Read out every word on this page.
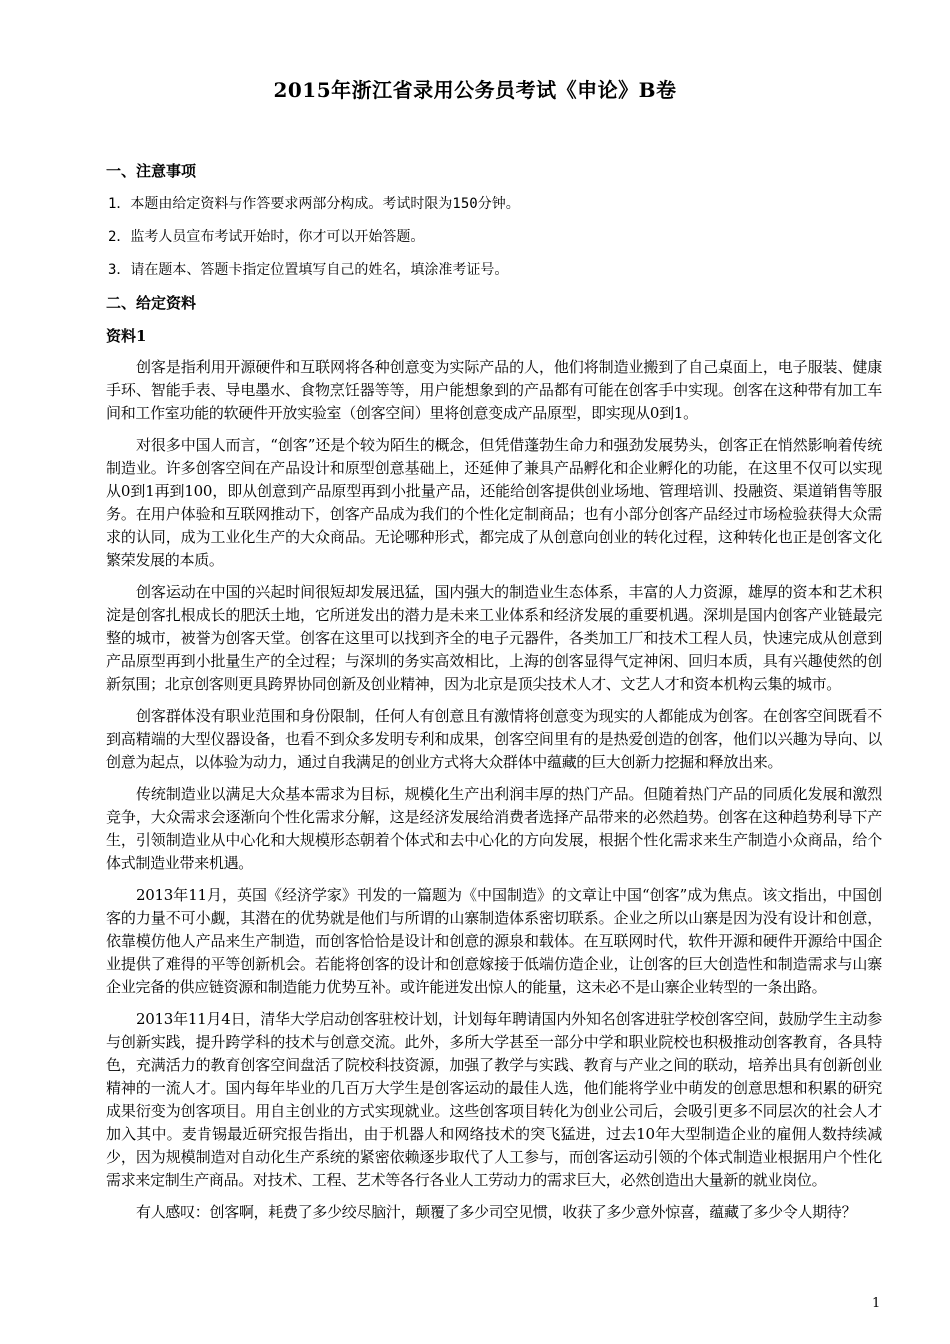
2015年浙江省录用公务员考试《申论》B卷
一、注意事项
1．本题由给定资料与作答要求两部分构成。考试时限为150分钟。
2．监考人员宣布考试开始时，你才可以开始答题。
3．请在题本、答题卡指定位置填写自己的姓名，填涂准考证号。
二、给定资料
资料1

创客是指利用开源硬件和互联网将各种创意变为实际产品的人，他们将制造业搬到了自己桌面上，电子服装、健康手环、智能手表、导电墨水、食物烹饪器等等，用户能想象到的产品都有可能在创客手中实现。创客在这种带有加工车间和工作室功能的软硬件开放实验室（创客空间）里将创意变成产品原型，即实现从0到1。

对很多中国人而言，“创客”还是个较为陌生的概念，但凭借蓬勃生命力和强劲发展势头，创客正在悄然影响着传统制造业。许多创客空间在产品设计和原型创意基础上，还延伸了兼具产品孵化和企业孵化的功能，在这里不仅可以实现从0到1再到100，即从创意到产品原型再到小批量产品，还能给创客提供创业场地、管理培训、投融资、渠道销售等服务。在用户体验和互联网推动下，创客产品成为我们的个性化定制商品；也有小部分创客产品经过市场检验获得大众需求的认同，成为工业化生产的大众商品。无论哪种形式，都完成了从创意向创业的转化过程，这种转化也正是创客文化繁荣发展的本质。

创客运动在中国的兴起时间很短却发展迅猛，国内强大的制造业生态体系，丰富的人力资源，雄厚的资本和艺术积淀是创客扎根成长的肥沃土地，它所迸发出的潜力是未来工业体系和经济发展的重要机遇。深圳是国内创客产业链最完整的城市，被誉为创客天堂。创客在这里可以找到齐全的电子元器件，各类加工厂和技术工程人员，快速完成从创意到产品原型再到小批量生产的全过程；与深圳的务实高效相比，上海的创客显得气定神闲、回归本质，具有兴趣使然的创新氛围；北京创客则更具跨界协同创新及创业精神，因为北京是顶尖技术人才、文艺人才和资本机构云集的城市。

创客群体没有职业范围和身份限制，任何人有创意且有激情将创意变为现实的人都能成为创客。在创客空间既看不到高精端的大型仪器设备，也看不到众多发明专利和成果，创客空间里有的是热爱创造的创客，他们以兴趣为导向、以创意为起点，以体验为动力，通过自我满足的创业方式将大众群体中蕴藏的巨大创新力挖掘和释放出来。

传统制造业以满足大众基本需求为目标，规模化生产出利润丰厚的热门产品。但随着热门产品的同质化发展和激烈竞争，大众需求会逐渐向个性化需求分解，这是经济发展给消费者选择产品带来的必然趋势。创客在这种趋势利导下产生，引领制造业从中心化和大规模形态朝着个体式和去中心化的方向发展，根据个性化需求来生产制造小众商品，给个体式制造业带来机遇。

2013年11月，英国《经济学家》刊发的一篇题为《中国制造》的文章让中国“创客”成为焦点。该文指出，中国创客的力量不可小觑，其潜在的优势就是他们与所谓的山寨制造体系密切联系。企业之所以山寨是因为没有设计和创意，依靠模仿他人产品来生产制造，而创客恰恰是设计和创意的源泉和载体。在互联网时代，软件开源和硬件开源给中国企业提供了难得的平等创新机会。若能将创客的设计和创意嫁接于低端仿造企业，让创客的巨大创造性和制造需求与山寨企业完备的供应链资源和制造能力优势互补。或许能迸发出惊人的能量，这未必不是山寨企业转型的一条出路。

2013年11月4日，清华大学启动创客驻校计划，计划每年聘请国内外知名创客进驻学校创客空间，鼓励学生主动参与创新实践，提升跨学科的技术与创意交流。此外，多所大学甚至一部分中学和职业院校也积极推动创客教育，各具特色，充满活力的教育创客空间盘活了院校科技资源，加强了教学与实践、教育与产业之间的联动，培养出具有创新创业精神的一流人才。国内每年毕业的几百万大学生是创客运动的最佳人选，他们能将学业中萌发的创意思想和积累的研究成果衍变为创客项目。用自主创业的方式实现就业。这些创客项目转化为创业公司后，会吸引更多不同层次的社会人才加入其中。麦肯锡最近研究报告指出，由于机器人和网络技术的突飞猛进，过去10年大型制造企业的雇佣人数持续减少，因为规模制造对自动化生产系统的紧密依赖逐步取代了人工参与，而创客运动引领的个体式制造业根据用户个性化需求来定制生产商品。对技术、工程、艺术等各行各业人工劳动力的需求巨大，必然创造出大量新的就业岗位。

有人感叹：创客啊，耗费了多少绞尽脑汁，颠覆了多少司空见惯，收获了多少意外惊喜，蕴藏了多少令人期待？

1
